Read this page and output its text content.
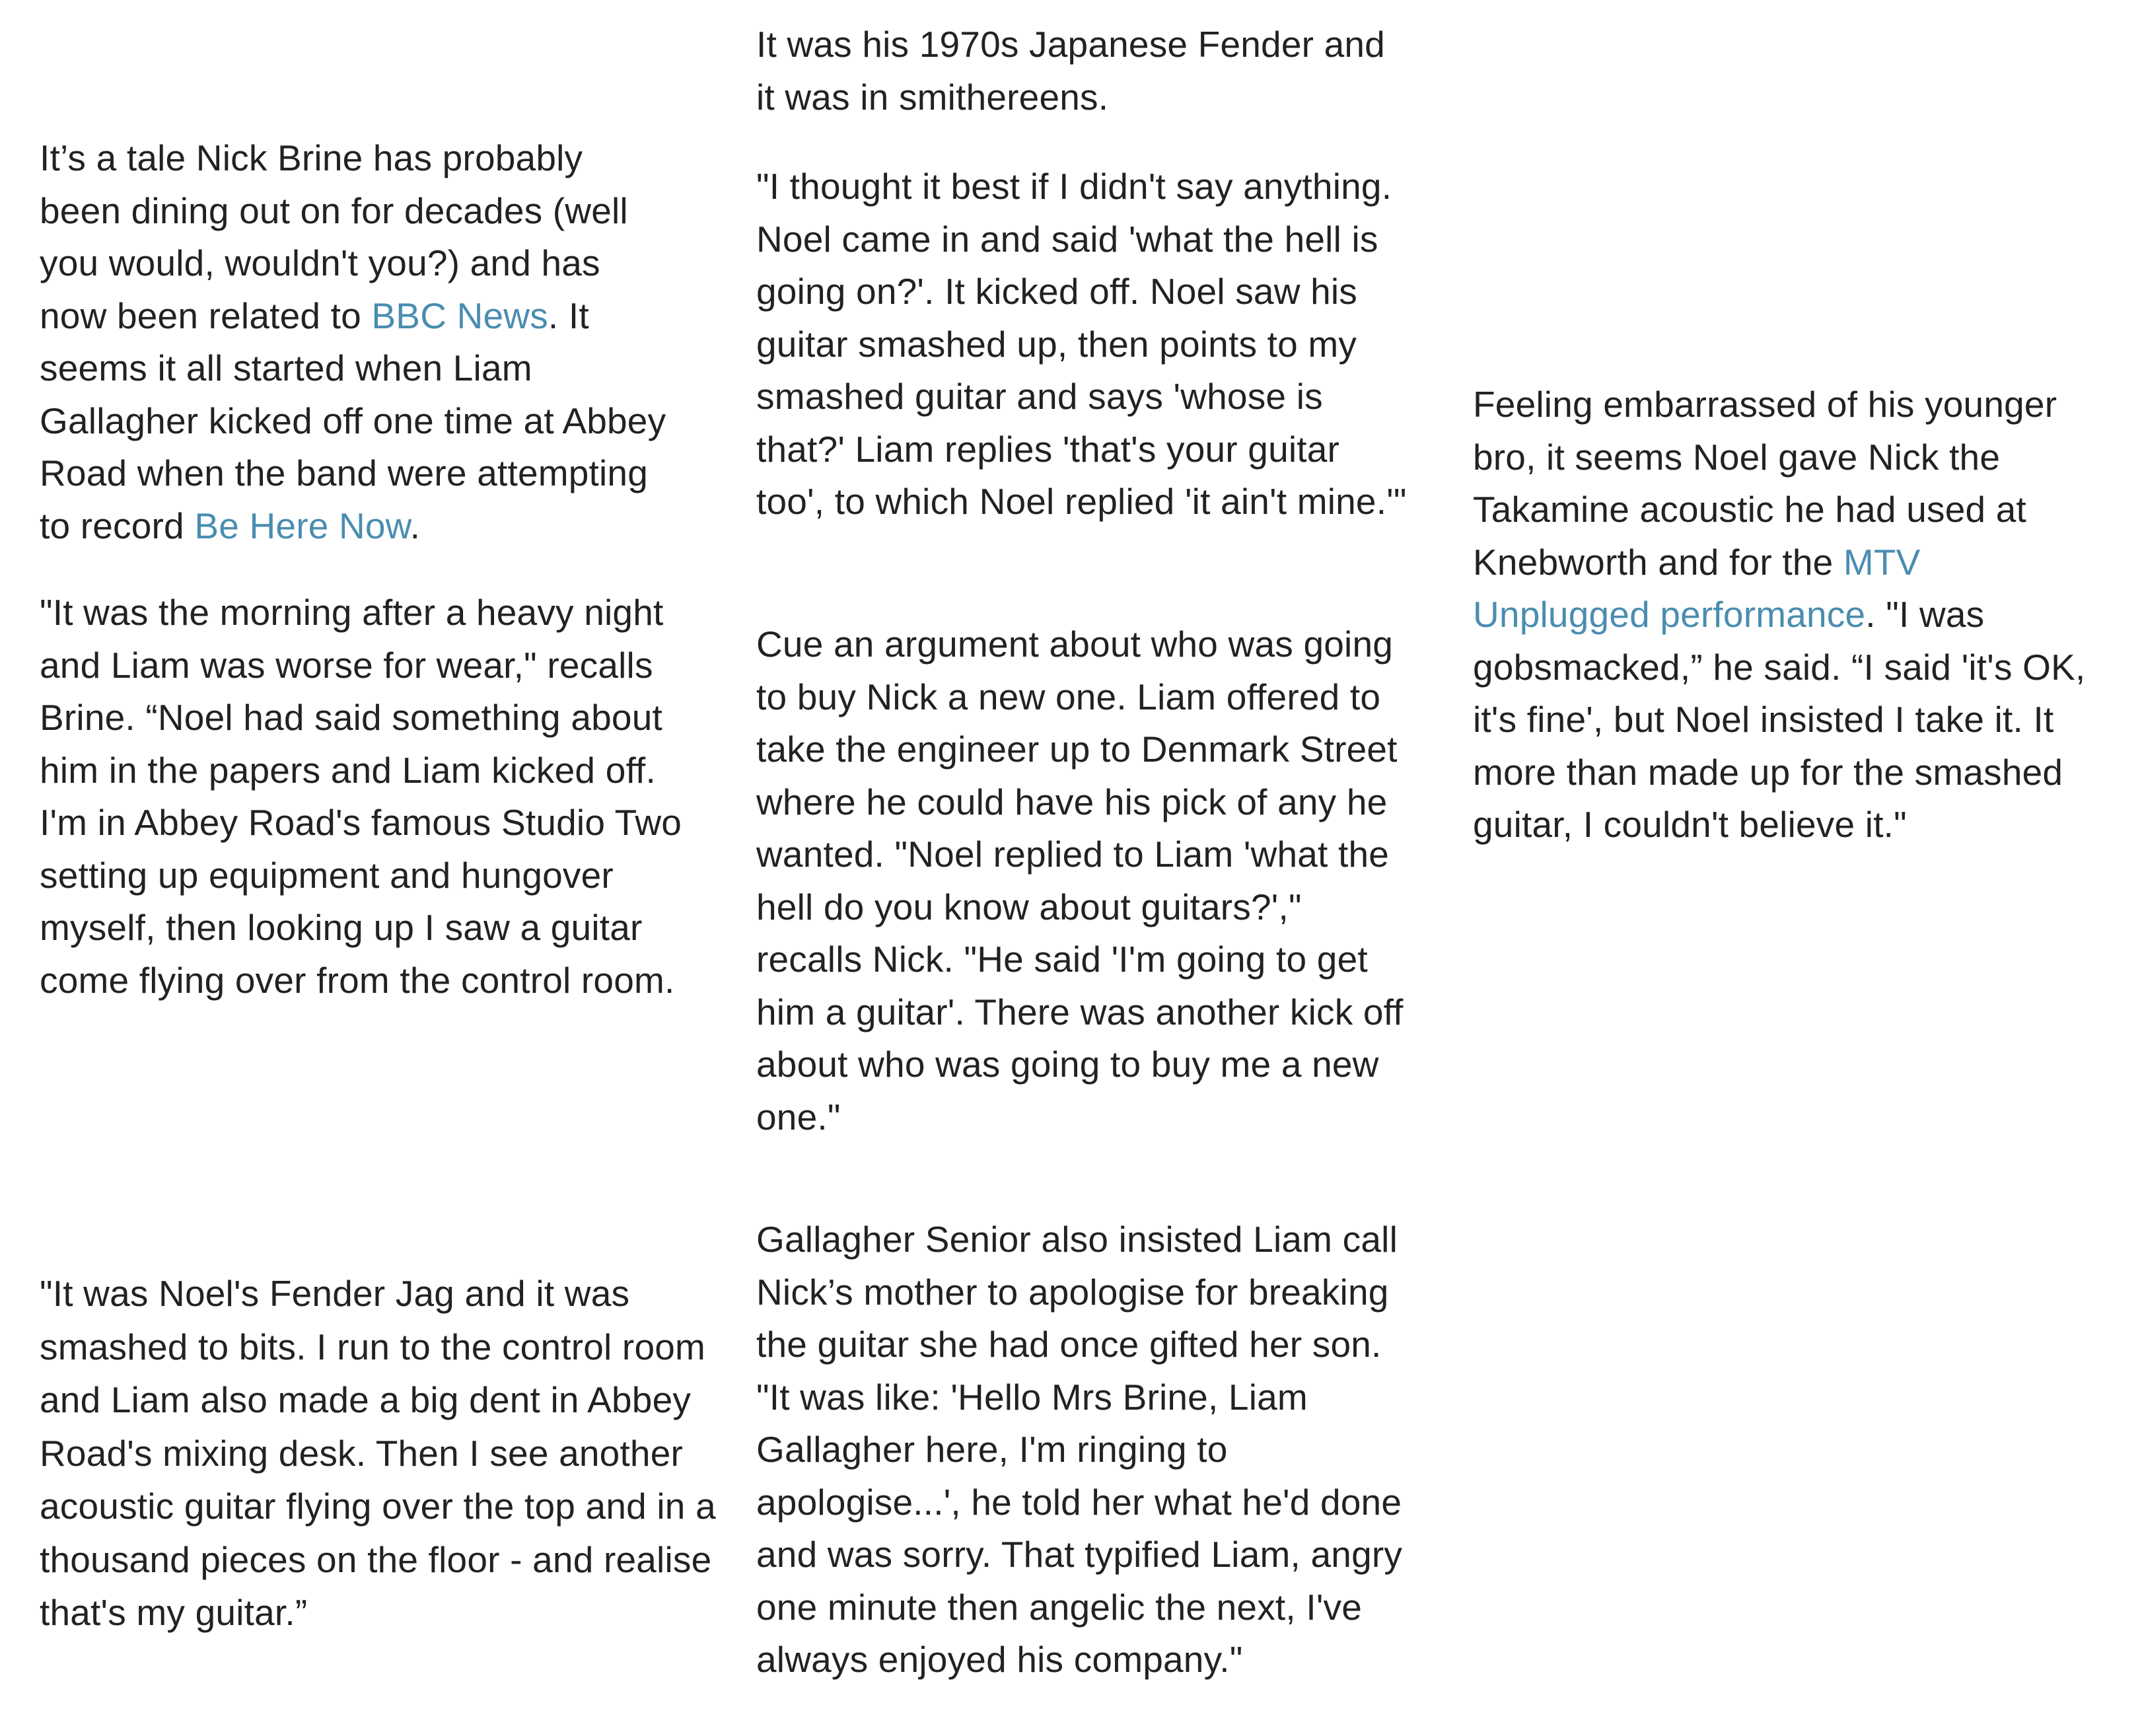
It’s a tale Nick Brine has probably been dining out on for decades (well you would, wouldn't you?) and has now been related to BBC News. It seems it all started when Liam Gallagher kicked off one time at Abbey Road when the band were attempting to record Be Here Now.

"It was the morning after a heavy night and Liam was worse for wear," recalls Brine. “Noel had said something about him in the papers and Liam kicked off. I'm in Abbey Road's famous Studio Two setting up equipment and hungover myself, then looking up I saw a guitar come flying over from the control room.

"It was Noel's Fender Jag and it was smashed to bits. I run to the control room and Liam also made a big dent in Abbey Road's mixing desk. Then I see another acoustic guitar flying over the top and in a thousand pieces on the floor - and realise that's my guitar.”

It was his 1970s Japanese Fender and it was in smithereens.

"I thought it best if I didn't say anything. Noel came in and said 'what the hell is going on?'. It kicked off. Noel saw his guitar smashed up, then points to my smashed guitar and says 'whose is that?' Liam replies 'that's your guitar too', to which Noel replied 'it ain't mine.'"

Cue an argument about who was going to buy Nick a new one. Liam offered to take the engineer up to Denmark Street where he could have his pick of any he wanted. "Noel replied to Liam 'what the hell do you know about guitars?'," recalls Nick. "He said 'I'm going to get him a guitar'. There was another kick off about who was going to buy me a new one."

Gallagher Senior also insisted Liam call Nick’s mother to apologise for breaking the guitar she had once gifted her son. "It was like: 'Hello Mrs Brine, Liam Gallagher here, I'm ringing to apologise...', he told her what he'd done and was sorry. That typified Liam, angry one minute then angelic the next, I've always enjoyed his company."

Feeling embarrassed of his younger bro, it seems Noel gave Nick the Takamine acoustic he had used at Knebworth and for the MTV Unplugged performance. "I was gobsmacked,” he said. “I said 'it's OK, it's fine', but Noel insisted I take it. It more than made up for the smashed guitar, I couldn't believe it."
